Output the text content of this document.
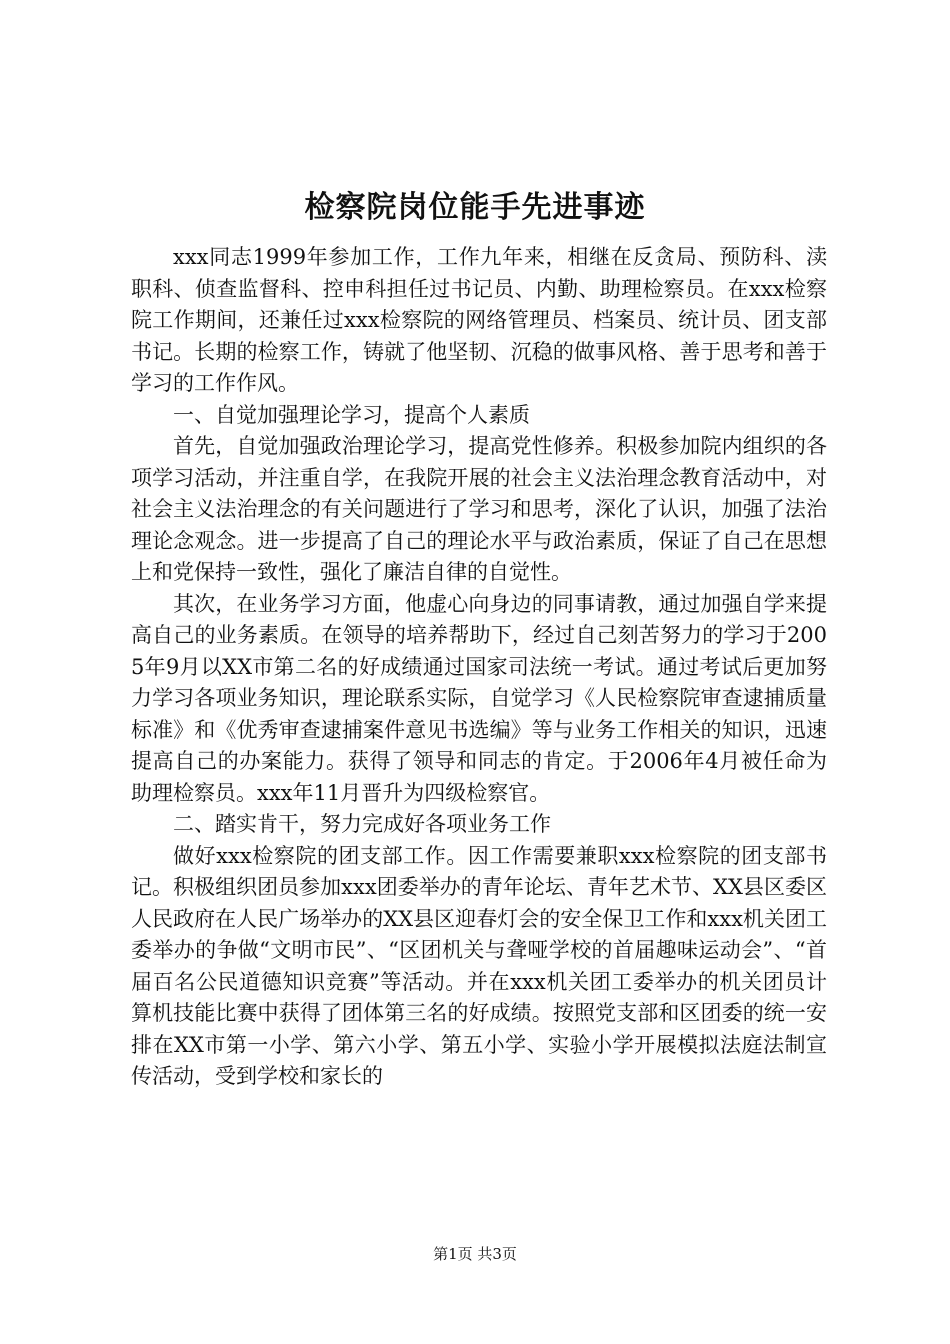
检察院岗位能手先进事迹

xxx同志1999年参加工作，工作九年来，相继在反贪局、预防科、渎职科、侦查监督科、控申科担任过书记员、内勤、助理检察员。在xxx检察院工作期间，还兼任过xxx检察院的网络管理员、档案员、统计员、团支部书记。长期的检察工作，铸就了他坚韧、沉稳的做事风格、善于思考和善于学习的工作作风。

一、自觉加强理论学习，提高个人素质

首先，自觉加强政治理论学习，提高党性修养。积极参加院内组织的各项学习活动，并注重自学，在我院开展的社会主义法治理念教育活动中，对社会主义法治理念的有关问题进行了学习和思考，深化了认识，加强了法治理论念观念。进一步提高了自己的理论水平与政治素质，保证了自己在思想上和党保持一致性，强化了廉洁自律的自觉性。

其次，在业务学习方面，他虚心向身边的同事请教，通过加强自学来提高自己的业务素质。在领导的培养帮助下，经过自己刻苦努力的学习于2005年9月以XX市第二名的好成绩通过国家司法统一考试。通过考试后更加努力学习各项业务知识，理论联系实际，自觉学习《人民检察院审查逮捕质量标准》和《优秀审查逮捕案件意见书选编》等与业务工作相关的知识，迅速提高自己的办案能力。获得了领导和同志的肯定。于2006年4月被任命为助理检察员。xxx年11月晋升为四级检察官。

二、踏实肯干，努力完成好各项业务工作

做好xxx检察院的团支部工作。因工作需要兼职xxx检察院的团支部书记。积极组织团员参加xxx团委举办的青年论坛、青年艺术节、XX县区委区人民政府在人民广场举办的XX县区迎春灯会的安全保卫工作和xxx机关团工委举办的争做“文明市民”、“区团机关与聋哑学校的首届趣味运动会”、“首届百名公民道德知识竞赛”等活动。并在xxx机关团工委举办的机关团员计算机技能比赛中获得了团体第三名的好成绩。按照党支部和区团委的统一安排在XX市第一小学、第六小学、第五小学、实验小学开展模拟法庭法制宣传活动，受到学校和家长的

第1页 共3页
